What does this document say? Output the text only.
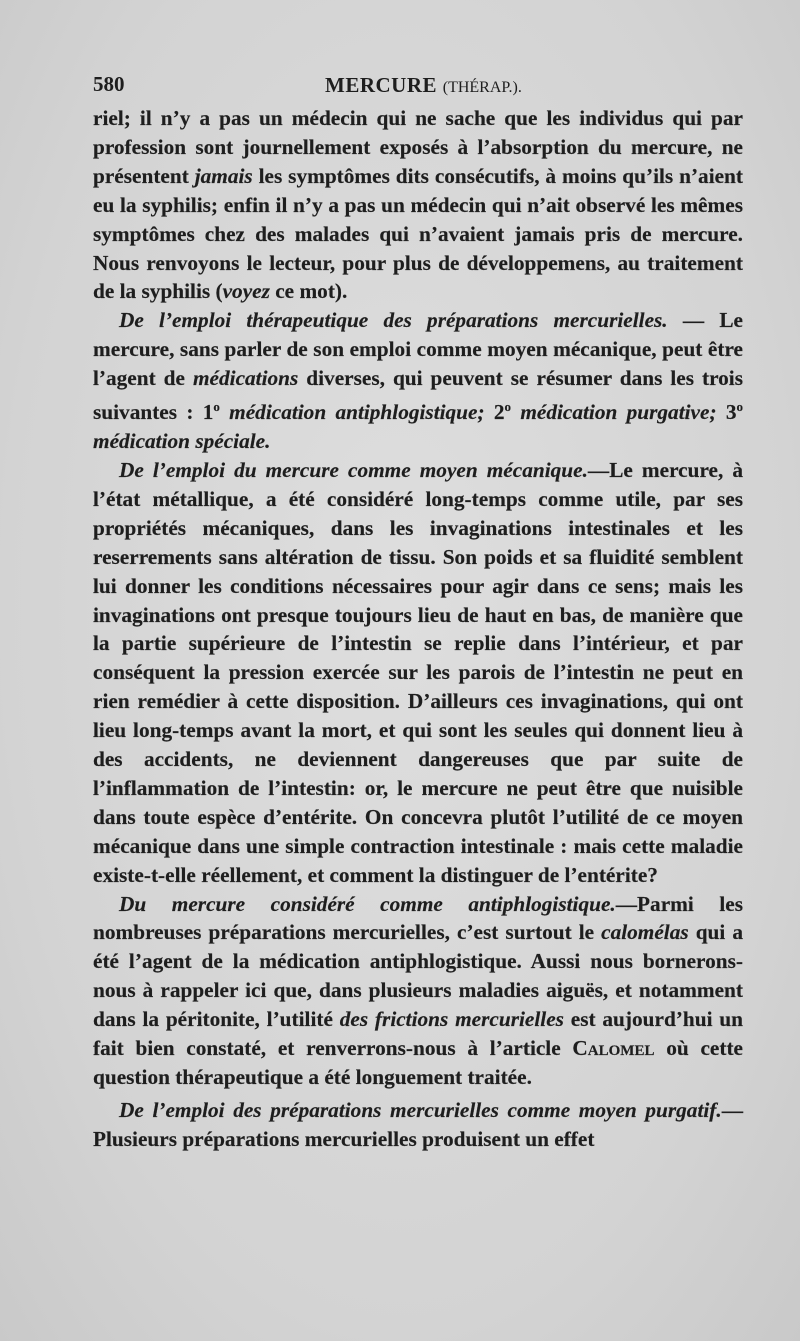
580	MERCURE (THÉRAP.).

riel; il n’y a pas un médecin qui ne sache que les individus qui par profession sont journellement exposés à l’absorption du mercure, ne présentent jamais les symptômes dits consécutifs, à moins qu’ils n’aient eu la syphilis; enfin il n’y a pas un médecin qui n’ait observé les mêmes symptômes chez des malades qui n’avaient jamais pris de mercure. Nous renvoyons le lecteur, pour plus de développemens, au traitement de la syphilis (voyez ce mot).

De l’emploi thérapeutique des préparations mercurielles. — Le mercure, sans parler de son emploi comme moyen mécanique, peut être l’agent de médications diverses, qui peuvent se résumer dans les trois suivantes : 1$^o$ médication antiphlogistique; 2$^o$ médication purgative; 3$^o$ médication spéciale.

De l’emploi du mercure comme moyen mécanique.—Le mercure, à l’état métallique, a été considéré long-temps comme utile, par ses propriétés mécaniques, dans les invaginations intestinales et les reserrements sans altération de tissu. Son poids et sa fluidité semblent lui donner les conditions nécessaires pour agir dans ce sens; mais les invaginations ont presque toujours lieu de haut en bas, de manière que la partie supérieure de l’intestin se replie dans l’intérieur, et par conséquent la pression exercée sur les parois de l’intestin ne peut en rien remédier à cette disposition. D’ailleurs ces invaginations, qui ont lieu long-temps avant la mort, et qui sont les seules qui donnent lieu à des accidents, ne deviennent dangereuses que par suite de l’inflammation de l’intestin: or, le mercure ne peut être que nuisible dans toute espèce d’entérite. On concevra plutôt l’utilité de ce moyen mécanique dans une simple contraction intestinale : mais cette maladie existe-t-elle réellement, et comment la distinguer de l’entérite?

Du mercure considéré comme antiphlogistique.—Parmi les nombreuses préparations mercurielles, c’est surtout le calomélas qui a été l’agent de la médication antiphlogistique. Aussi nous bornerons-nous à rappeler ici que, dans plusieurs maladies aiguës, et notamment dans la péritonite, l’utilité des frictions mercurielles est aujourd’hui un fait bien constaté, et renverrons-nous à l’article Calomel où cette question thérapeutique a été longuement traitée.

De l’emploi des préparations mercurielles comme moyen purgatif.—Plusieurs préparations mercurielles produisent un effet
